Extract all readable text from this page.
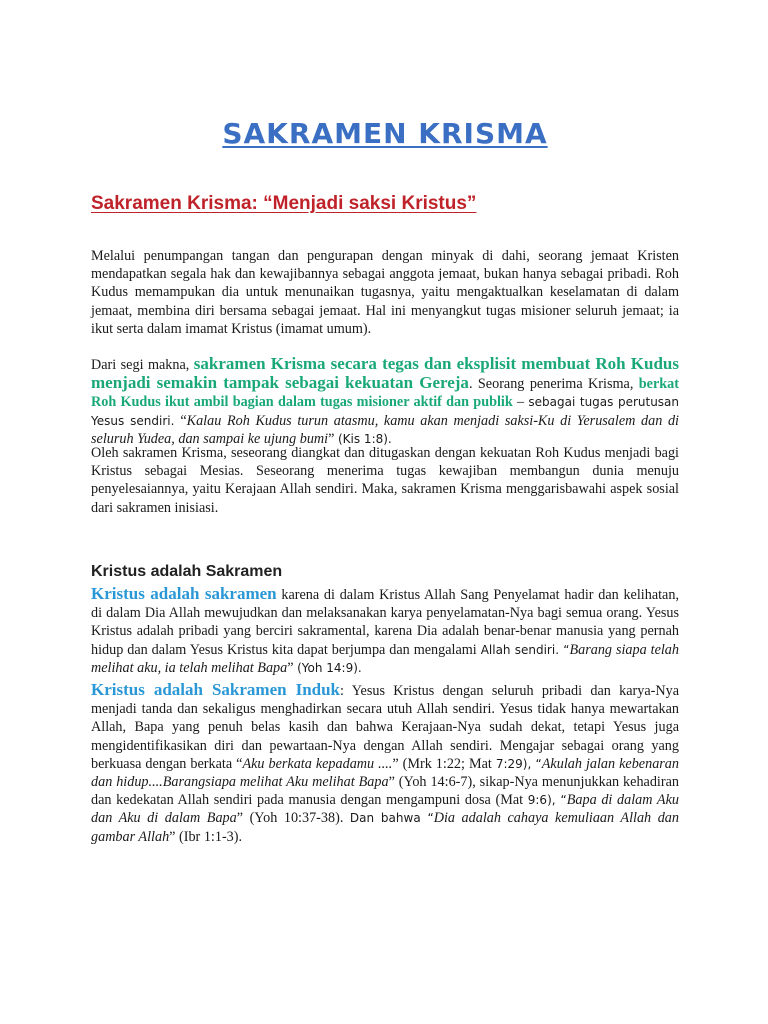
SAKRAMEN KRISMA
Sakramen Krisma: “Menjadi saksi Kristus”

Melalui penumpangan tangan dan pengurapan dengan minyak di dahi, seorang jemaat Kristen mendapatkan segala hak dan kewajibannya sebagai anggota jemaat, bukan hanya sebagai pribadi. Roh Kudus memampukan dia untuk menunaikan tugasnya, yaitu mengaktualkan keselamatan di dalam jemaat, membina diri bersama sebagai jemaat. Hal ini menyangkut tugas misioner seluruh jemaat; ia ikut serta dalam imamat Kristus (imamat umum).

Dari segi makna, sakramen Krisma secara tegas dan eksplisit membuat Roh Kudus menjadi semakin tampak sebagai kekuatan Gereja. Seorang penerima Krisma, berkat Roh Kudus ikut ambil bagian dalam tugas misioner aktif dan publik – sebagai tugas perutusan Yesus sendiri. “Kalau Roh Kudus turun atasmu, kamu akan menjadi saksi-Ku di Yerusalem dan di seluruh Yudea, dan sampai ke ujung bumi” (Kis 1:8).

Oleh sakramen Krisma, seseorang diangkat dan ditugaskan dengan kekuatan Roh Kudus menjadi bagi Kristus sebagai Mesias. Seseorang menerima tugas kewajiban membangun dunia menuju penyelesaiannya, yaitu Kerajaan Allah sendiri. Maka, sakramen Krisma menggarisbawahi aspek sosial dari sakramen inisiasi.

Kristus adalah Sakramen

Kristus adalah sakramen karena di dalam Kristus Allah Sang Penyelamat hadir dan kelihatan, di dalam Dia Allah mewujudkan dan melaksanakan karya penyelamatan-Nya bagi semua orang. Yesus Kristus adalah pribadi yang berciri sakramental, karena Dia adalah benar-benar manusia yang pernah hidup dan dalam Yesus Kristus kita dapat berjumpa dan mengalami Allah sendiri. “Barang siapa telah melihat aku, ia telah melihat Bapa” (Yoh 14:9).

Kristus adalah Sakramen Induk: Yesus Kristus dengan seluruh pribadi dan karya-Nya menjadi tanda dan sekaligus menghadirkan secara utuh Allah sendiri. Yesus tidak hanya mewartakan Allah, Bapa yang penuh belas kasih dan bahwa Kerajaan-Nya sudah dekat, tetapi Yesus juga mengidentifikasikan diri dan pewartaan-Nya dengan Allah sendiri. Mengajar sebagai orang yang berkuasa dengan berkata “Aku berkata kepadamu ....” (Mrk 1:22; Mat 7:29), “Akulah jalan kebenaran dan hidup....Barangsiapa melihat Aku melihat Bapa” (Yoh 14:6-7), sikap-Nya menunjukkan kehadiran dan kedekatan Allah sendiri pada manusia dengan mengampuni dosa (Mat 9:6), “Bapa di dalam Aku dan Aku di dalam Bapa” (Yoh 10:37-38). Dan bahwa “Dia adalah cahaya kemuliaan Allah dan gambar Allah” (Ibr 1:1-3).
